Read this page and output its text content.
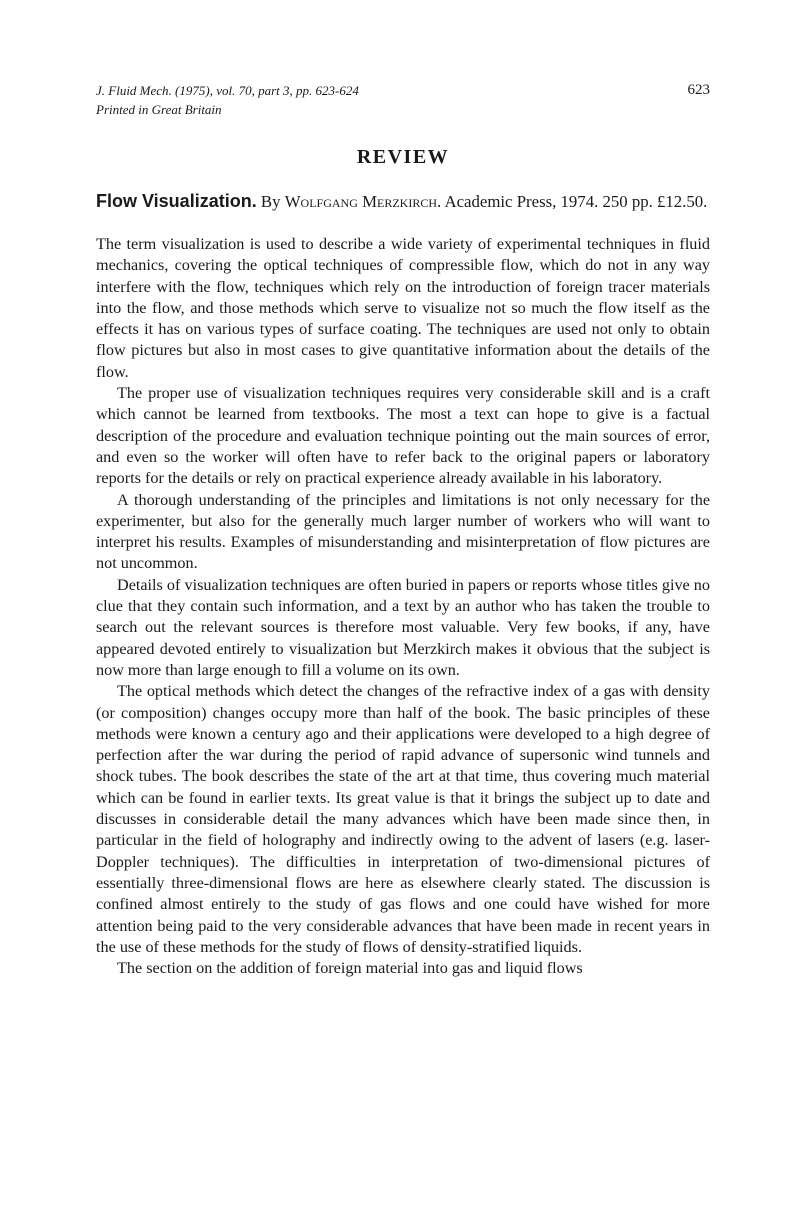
J. Fluid Mech. (1975), vol. 70, part 3, pp. 623-624
Printed in Great Britain
623
REVIEW
Flow Visualization. By Wolfgang Merzkirch. Academic Press, 1974. 250 pp. £12.50.

The term visualization is used to describe a wide variety of experimental techniques in fluid mechanics, covering the optical techniques of compressible flow, which do not in any way interfere with the flow, techniques which rely on the introduction of foreign tracer materials into the flow, and those methods which serve to visualize not so much the flow itself as the effects it has on various types of surface coating. The techniques are used not only to obtain flow pictures but also in most cases to give quantitative information about the details of the flow.

The proper use of visualization techniques requires very considerable skill and is a craft which cannot be learned from textbooks. The most a text can hope to give is a factual description of the procedure and evaluation technique pointing out the main sources of error, and even so the worker will often have to refer back to the original papers or laboratory reports for the details or rely on practical experience already available in his laboratory.

A thorough understanding of the principles and limitations is not only necessary for the experimenter, but also for the generally much larger number of workers who will want to interpret his results. Examples of misunderstanding and misinterpretation of flow pictures are not uncommon.

Details of visualization techniques are often buried in papers or reports whose titles give no clue that they contain such information, and a text by an author who has taken the trouble to search out the relevant sources is therefore most valuable. Very few books, if any, have appeared devoted entirely to visualization but Merzkirch makes it obvious that the subject is now more than large enough to fill a volume on its own.

The optical methods which detect the changes of the refractive index of a gas with density (or composition) changes occupy more than half of the book. The basic principles of these methods were known a century ago and their applications were developed to a high degree of perfection after the war during the period of rapid advance of supersonic wind tunnels and shock tubes. The book describes the state of the art at that time, thus covering much material which can be found in earlier texts. Its great value is that it brings the subject up to date and discusses in considerable detail the many advances which have been made since then, in particular in the field of holography and indirectly owing to the advent of lasers (e.g. laser-Doppler techniques). The difficulties in interpretation of two-dimensional pictures of essentially three-dimensional flows are here as elsewhere clearly stated. The discussion is confined almost entirely to the study of gas flows and one could have wished for more attention being paid to the very considerable advances that have been made in recent years in the use of these methods for the study of flows of density-stratified liquids.

The section on the addition of foreign material into gas and liquid flows
